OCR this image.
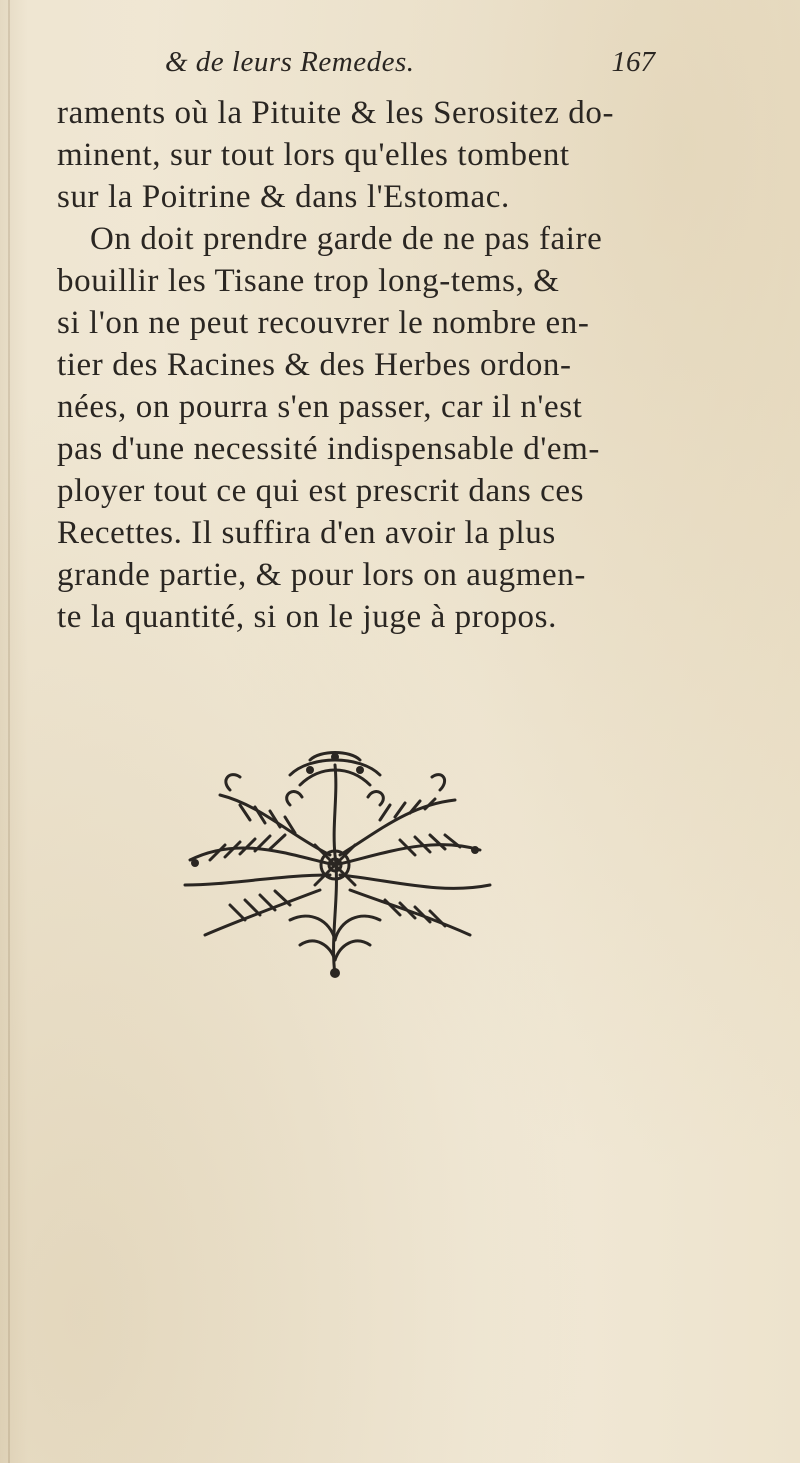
& de leurs Remedes.	167
raments où la Pituite & les Serositez do-
minent, sur tout lors qu'elles tombent
sur la Poitrine & dans l'Estomac.
On doit prendre garde de ne pas faire
bouillir les Tisane trop long-tems, &
si l'on ne peut recouvrer le nombre en-
tier des Racines & des Herbes ordon-
nées, on pourra s'en passer, car il n'est
pas d'une necessité indispensable d'em-
ployer tout ce qui est prescrit dans ces
Recettes. Il suffira d'en avoir la plus
grande partie, & pour lors on augmen-
te la quantité, si on le juge à propos.
